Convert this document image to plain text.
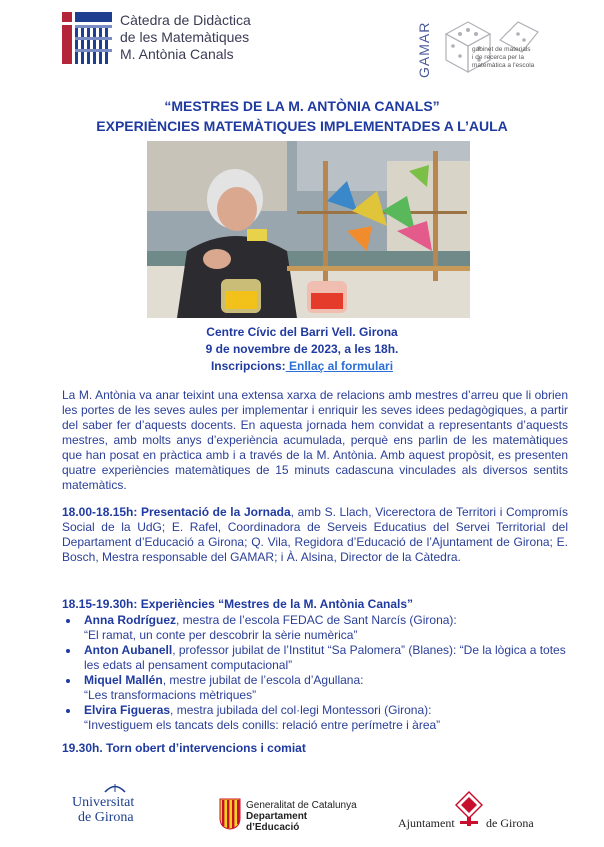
Càtedra de Didàctica
de les Matemàtiques
M. Antònia Canals	GAMAR	gabinet de materials
i de recerca per la
matemàtica a l'escola
“MESTRES DE LA M. ANTÒNIA CANALS”
EXPERIÈNCIES MATEMÀTIQUES IMPLEMENTADES A L’AULA
Centre Cívic del Barri Vell. Girona
9 de novembre de 2023, a les 18h.
Inscripcions: Enllaç al formulari
La M. Antònia va anar teixint una extensa xarxa de relacions amb mestres d’arreu que li obrien les portes de les seves aules per implementar i enriquir les seves idees pedagògiques, a partir del saber fer d’aquests docents. En aquesta jornada hem convidat a representants d’aquests mestres, amb molts anys d’experiència acumulada, perquè ens parlin de les matemàtiques que han posat en pràctica amb i a través de la M. Antònia. Amb aquest propòsit, es presenten quatre experiències matemàtiques de 15 minuts cadascuna vinculades als diversos sentits matemàtics.
18.00-18.15h: Presentació de la Jornada, amb S. Llach, Vicerectora de Territori i Compromís Social de la UdG; E. Rafel, Coordinadora de Serveis Educatius del Servei Territorial del Departament d’Educació a Girona; Q. Vila, Regidora d’Educació de l’Ajuntament de Girona; E. Bosch, Mestra responsable del GAMAR; i À. Alsina, Director de la Càtedra.
18.15-19.30h: Experiències “Mestres de la M. Antònia Canals”
Anna Rodríguez, mestra de l’escola FEDAC de Sant Narcís (Girona):
“El ramat, un conte per descobrir la sèrie numèrica”
Anton Aubanell, professor jubilat de l’Institut “Sa Palomera” (Blanes): “De la lògica a totes les edats al pensament computacional”
Miquel Mallén, mestre jubilat de l’escola d’Agullana:
“Les transformacions mètriques”
Elvira Figueras, mestra jubilada del col·legi Montessori (Girona):
“Investiguem els tancats dels conills: relació entre perímetre i àrea”
19.30h. Torn obert d’intervencions i comiat
Universitat
de Girona
Generalitat de Catalunya
Departament
d’Educació	Ajuntament	de Girona
